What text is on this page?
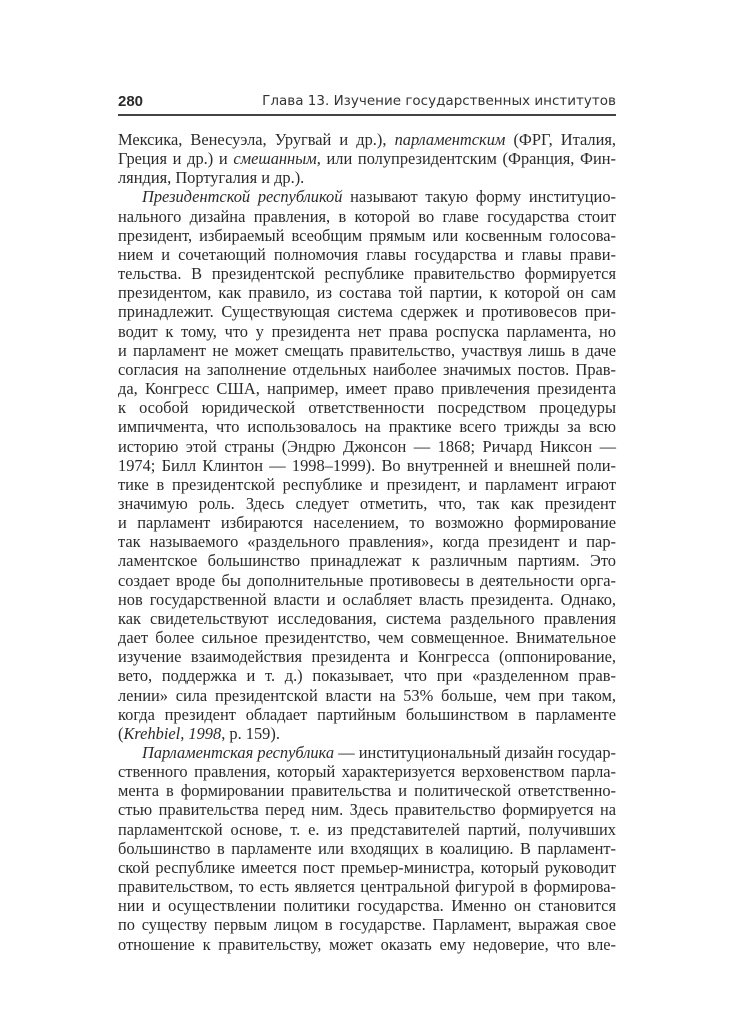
280	Глава 13. Изучение государственных институтов
Мексика, Венесуэла, Уругвай и др.), парламентским (ФРГ, Италия,
Греция и др.) и смешанным, или полупрезидентским (Франция, Фин-
ляндия, Португалия и др.).
Президентской республикой называют такую форму институцио-
нального дизайна правления, в которой во главе государства стоит
президент, избираемый всеобщим прямым или косвенным голосова-
нием и сочетающий полномочия главы государства и главы прави-
тельства. В президентской республике правительство формируется
президентом, как правило, из состава той партии, к которой он сам
принадлежит. Существующая система сдержек и противовесов при-
водит к тому, что у президента нет права роспуска парламента, но
и парламент не может смещать правительство, участвуя лишь в даче
согласия на заполнение отдельных наиболее значимых постов. Прав-
да, Конгресс США, например, имеет право привлечения президента
к особой юридической ответственности посредством процедуры
импичмента, что использовалось на практике всего трижды за всю
историю этой страны (Эндрю Джонсон — 1868; Ричард Никсон —
1974; Билл Клинтон — 1998–1999). Во внутренней и внешней поли-
тике в президентской республике и президент, и парламент играют
значимую роль. Здесь следует отметить, что, так как президент
и парламент избираются населением, то возможно формирование
так называемого «раздельного правления», когда президент и пар-
ламентское большинство принадлежат к различным партиям. Это
создает вроде бы дополнительные противовесы в деятельности орга-
нов государственной власти и ослабляет власть президента. Однако,
как свидетельствуют исследования, система раздельного правления
дает более сильное президентство, чем совмещенное. Внимательное
изучение взаимодействия президента и Конгресса (оппонирование,
вето, поддержка и т. д.) показывает, что при «разделенном прав-
лении» сила президентской власти на 53% больше, чем при таком,
когда президент обладает партийным большинством в парламенте
(Krehbiel, 1998, p. 159).
Парламентская республика — институциональный дизайн государ-
ственного правления, который характеризуется верховенством парла-
мента в формировании правительства и политической ответственно-
стью правительства перед ним. Здесь правительство формируется на
парламентской основе, т. е. из представителей партий, получивших
большинство в парламенте или входящих в коалицию. В парламент-
ской республике имеется пост премьер-министра, который руководит
правительством, то есть является центральной фигурой в формирова-
нии и осуществлении политики государства. Именно он становится
по существу первым лицом в государстве. Парламент, выражая свое
отношение к правительству, может оказать ему недоверие, что вле-
